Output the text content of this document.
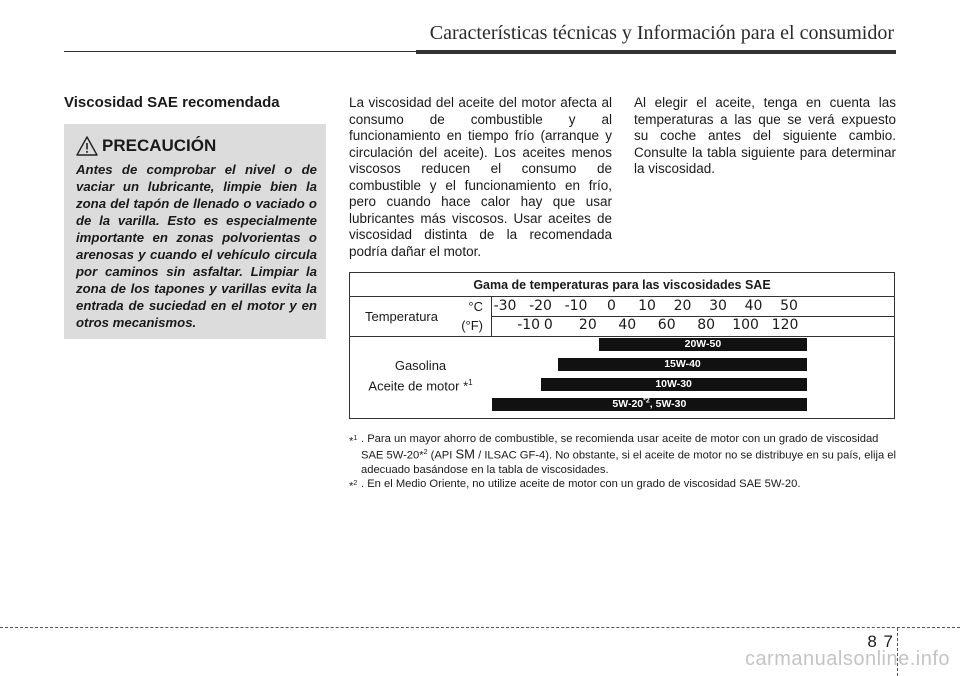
Características técnicas y Información para el consumidor
Viscosidad SAE recomendada
PRECAUCIÓN
Antes de comprobar el nivel o de vaciar un lubricante, limpie bien la zona del tapón de llenado o vaciado o de la varilla. Esto es especialmente importante en zonas polvorientas o arenosas y cuando el vehículo circula por caminos sin asfaltar. Limpiar la zona de los tapones y varillas evita la entrada de suciedad en el motor y en otros mecanismos.
La viscosidad del aceite del motor afecta al consumo de combustible y al funcionamiento en tiempo frío (arranque y circulación del aceite). Los aceites menos viscosos reducen el consumo de combustible y el funcionamiento en frío, pero cuando hace calor hay que usar lubricantes más viscosos. Usar aceites de viscosidad distinta de la recomendada podría dañar el motor.
Al elegir el aceite, tenga en cuenta las temperaturas a las que se verá expuesto su coche antes del siguiente cambio. Consulte la tabla siguiente para determinar la viscosidad.
Gama de temperaturas para las viscosidades SAE
Temperatura
°C
(°F)
-30 -20 -10 0 10 20 30 40 50
-10 0 20 40 60 80 100 120
Gasolina
Aceite de motor *$^1$
20W-50
15W-40
10W-30
5W-20$^{*2}$, 5W-30
*$^1$ . Para un mayor ahorro de combustible, se recomienda usar aceite de motor con un grado de viscosidad SAE 5W-20*$^2$ (API SM / ILSAC GF-4). No obstante, si el aceite de motor no se distribuye en su país, elija el adecuado basándose en la tabla de viscosidades.
*$^2$ . En el Medio Oriente, no utilize aceite de motor con un grado de viscosidad SAE 5W-20.
8 7
carmanualsonline.info
